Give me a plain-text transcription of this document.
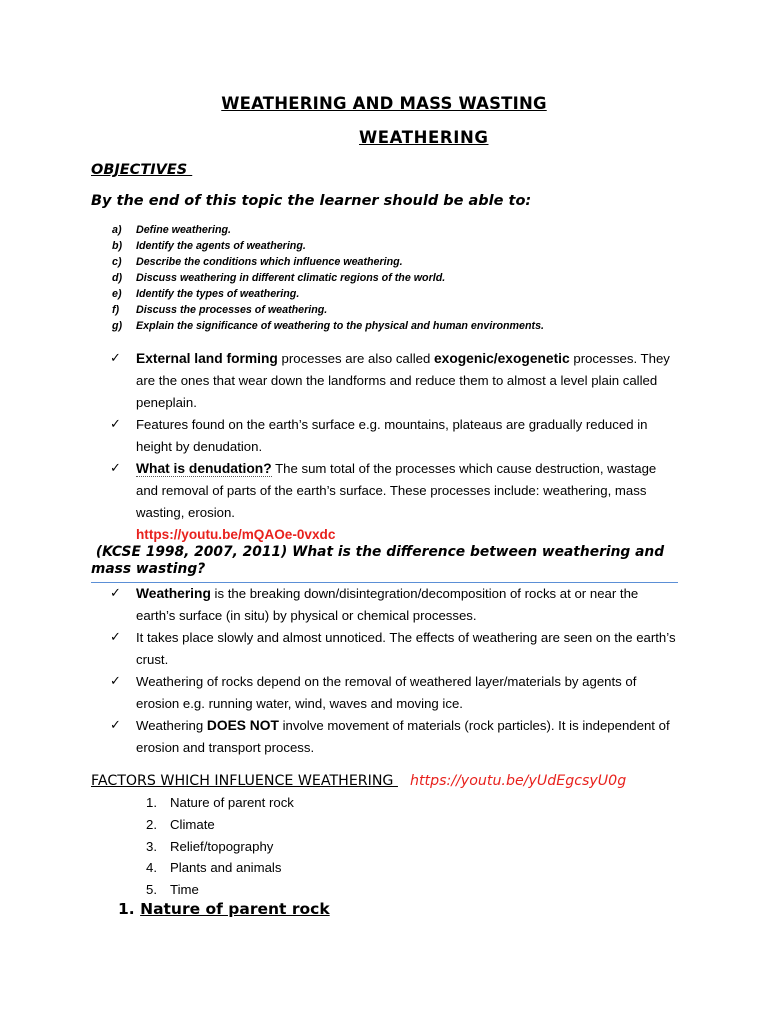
WEATHERING AND MASS WASTING
WEATHERING
OBJECTIVES
By the end of this topic the learner should be able to:
a) Define weathering.
b) Identify the agents of weathering.
c) Describe the conditions which influence weathering.
d) Discuss weathering in different climatic regions of the world.
e) Identify the types of weathering.
f) Discuss the processes of weathering.
g) Explain the significance of weathering to the physical and human environments.
✓ External land forming processes are also called exogenic/exogenetic processes. They are the ones that wear down the landforms and reduce them to almost a level plain called peneplain.
✓ Features found on the earth’s surface e.g. mountains, plateaus are gradually reduced in height by denudation.
✓ What is denudation? The sum total of the processes which cause destruction, wastage and removal of parts of the earth’s surface. These processes include: weathering, mass wasting, erosion.
https://youtu.be/mQAOe-0vxdc
(KCSE 1998, 2007, 2011) What is the difference between weathering and mass wasting?
✓ Weathering is the breaking down/disintegration/decomposition of rocks at or near the earth’s surface (in situ) by physical or chemical processes.
✓ It takes place slowly and almost unnoticed. The effects of weathering are seen on the earth’s crust.
✓ Weathering of rocks depend on the removal of weathered layer/materials by agents of erosion e.g. running water, wind, waves and moving ice.
✓ Weathering DOES NOT involve movement of materials (rock particles). It is independent of erosion and transport process.
FACTORS WHICH INFLUENCE WEATHERING https://youtu.be/yUdEgcsyU0g
1. Nature of parent rock
2. Climate
3. Relief/topography
4. Plants and animals
5. Time
1. Nature of parent rock
